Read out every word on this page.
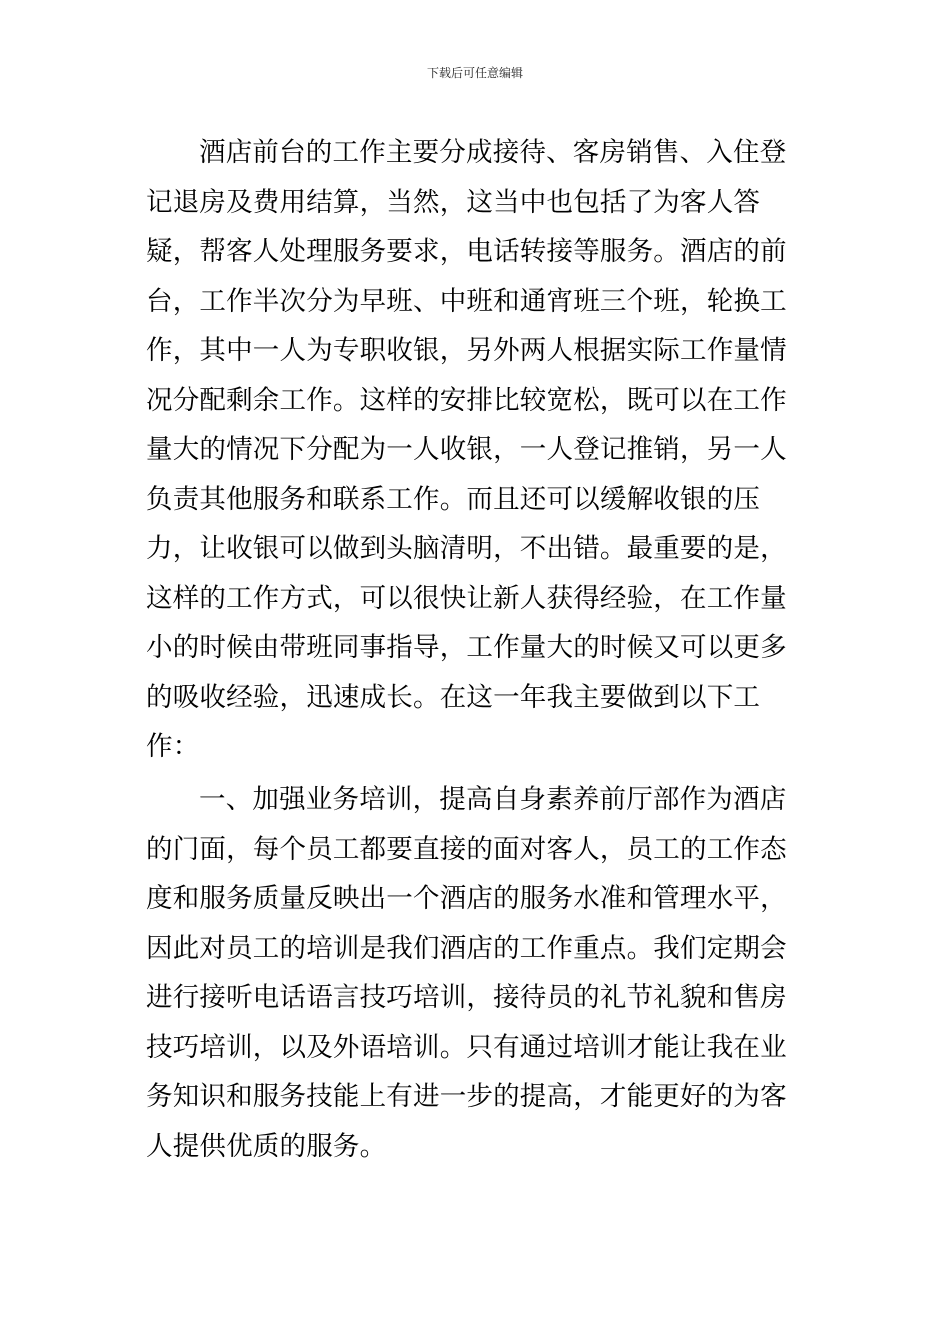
下载后可任意编辑

酒店前台的工作主要分成接待、客房销售、入住登记退房及费用结算，当然，这当中也包括了为客人答疑，帮客人处理服务要求，电话转接等服务。酒店的前台，工作半次分为早班、中班和通宵班三个班，轮换工作，其中一人为专职收银，另外两人根据实际工作量情况分配剩余工作。这样的安排比较宽松，既可以在工作量大的情况下分配为一人收银，一人登记推销，另一人负责其他服务和联系工作。而且还可以缓解收银的压力，让收银可以做到头脑清明，不出错。最重要的是，这样的工作方式，可以很快让新人获得经验，在工作量小的时候由带班同事指导，工作量大的时候又可以更多的吸收经验，迅速成长。在这一年我主要做到以下工作：

一、加强业务培训，提高自身素养前厅部作为酒店的门面，每个员工都要直接的面对客人，员工的工作态度和服务质量反映出一个酒店的服务水准和管理水平，因此对员工的培训是我们酒店的工作重点。我们定期会进行接听电话语言技巧培训，接待员的礼节礼貌和售房技巧培训，以及外语培训。只有通过培训才能让我在业务知识和服务技能上有进一步的提高，才能更好的为客人提供优质的服务。
